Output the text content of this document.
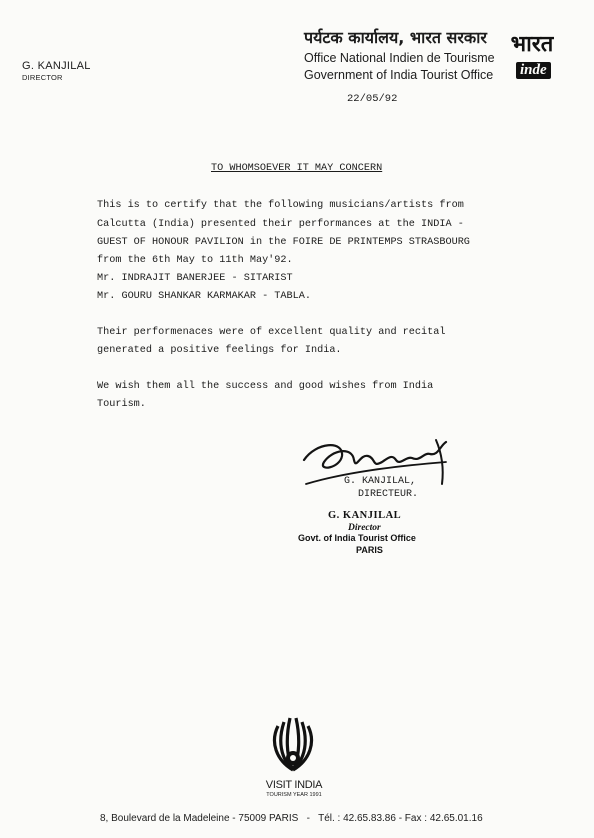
G. KANJILAL
DIRECTOR
पर्यटक कार्यालय, भारत सरकार
Office National Indien de Tourisme
Government of India Tourist Office
भारत
inde
22/05/92
TO WHOMSOEVER IT MAY CONCERN
This is to certify that the following musicians/artists from
Calcutta (India) presented their performances at the INDIA -
GUEST OF HONOUR PAVILION in the FOIRE DE PRINTEMPS STRASBOURG
from the 6th May to 11th May'92.
Mr. INDRAJIT BANERJEE - SITARIST
Mr. GOURU SHANKAR KARMAKAR - TABLA.
Their performenaces were of excellent quality and recital
generated a positive feelings for India.
We wish them all the success and good wishes from India
Tourism.
G. KANJILAL,
DIRECTEUR.
G. KANJILAL
Director
Govt. of India Tourist Office
PARIS
VISIT INDIA
TOURISM YEAR 1991
8, Boulevard de la Madeleine - 75009 PARIS   -   Tél. : 42.65.83.86 - Fax : 42.65.01.16
